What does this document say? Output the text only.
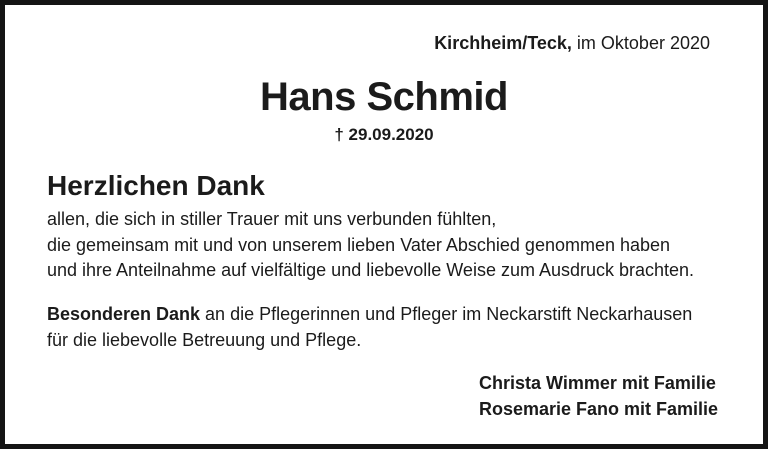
Kirchheim/Teck, im Oktober 2020
Hans Schmid
† 29.09.2020
Herzlichen Dank
allen, die sich in stiller Trauer mit uns verbunden fühlten,
die gemeinsam mit und von unserem lieben Vater Abschied genommen haben
und ihre Anteilnahme auf vielfältige und liebevolle Weise zum Ausdruck brachten.
Besonderen Dank an die Pflegerinnen und Pfleger im Neckarstift Neckarhausen
für die liebevolle Betreuung und Pflege.
Christa Wimmer mit Familie
Rosemarie Fano mit Familie
